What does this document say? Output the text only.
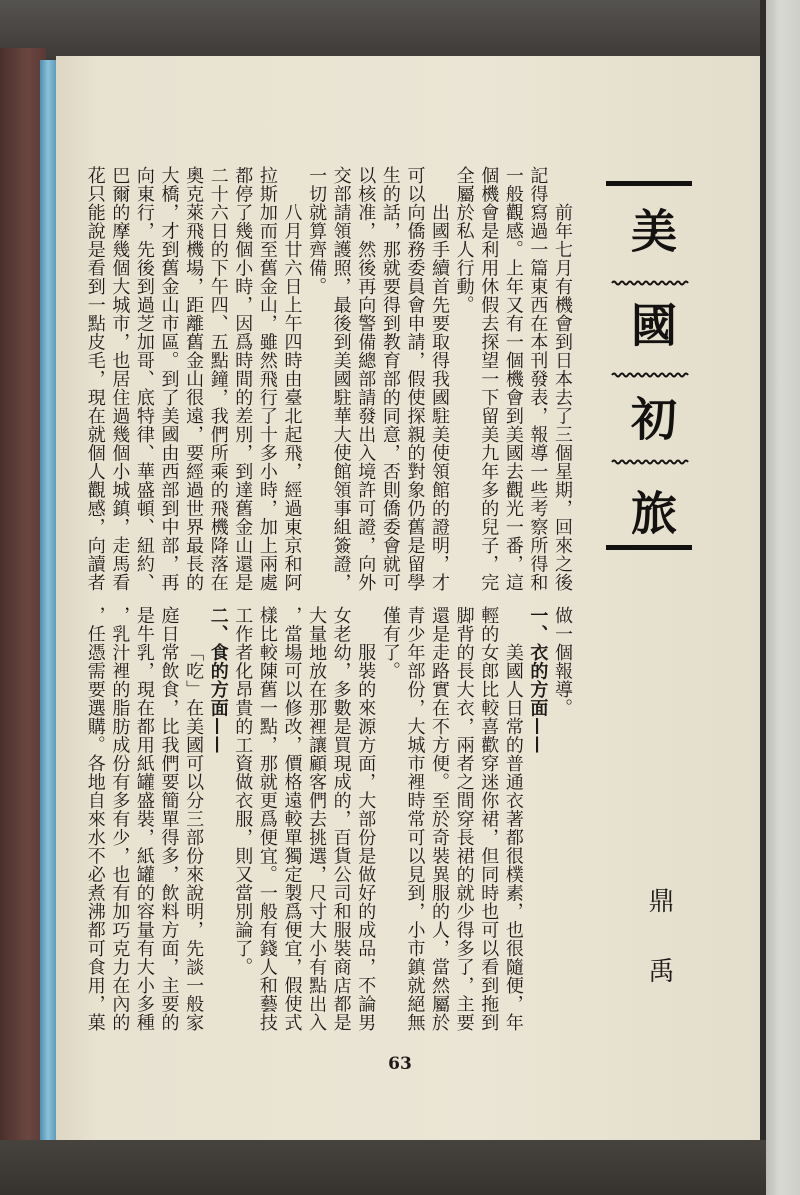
美國初旅
前年七月有機會到日本去了三個星期，回來之後
記得寫過一篇東西在本刊發表，報導一些考察所得和
一般觀感。上年又有一個機會到美國去觀光一番，這
個機會是利用休假去探望一下留美九年多的兒子，完
全屬於私人行動。
出國手續首先要取得我國駐美使領館的證明，才
可以向僑務委員會申請，假使探親的對象仍舊是留學
生的話，那就要得到教育部的同意，否則僑委會就可
以核准，然後再向警備總部請發出入境許可證，向外
交部請領護照，最後到美國駐華大使館領事組簽證，
一切就算齊備。
八月廿六日上午四時由臺北起飛，經過東京和阿
拉斯加而至舊金山，雖然飛行了十多小時，加上兩處
都停了幾個小時，因爲時間的差別，到達舊金山還是
二十六日的下午四、五點鐘，我們所乘的飛機降落在
奧克萊飛機場，距離舊金山很遠，要經過世界最長的
大橋，才到舊金山市區。到了美國由西部到中部，再
向東行，先後到過芝加哥、底特律、華盛頓、紐約、
巴爾的摩幾個大城市，也居住過幾個小城鎮，走馬看
花只能說是看到一點皮毛，現在就個人觀感，向讀者
做一個報導。
一、衣的方面——
美國人日常的普通衣著都很樸素，也很隨便，年
輕的女郎比較喜歡穿迷你裙，但同時也可以看到拖到
脚背的長大衣，兩者之間穿長裙的就少得多了，主要
還是走路實在不方便。至於奇裝異服的人，當然屬於
青少年部份，大城市裡時常可以見到，小市鎮就絕無
僅有了。
服裝的來源方面，大部份是做好的成品，不論男
女老幼，多數是買現成的，百貨公司和服裝商店都是
大量地放在那裡讓顧客們去挑選，尺寸大小有點出入
，當場可以修改，價格遠較單獨定製爲便宜，假使式
樣比較陳舊一點，那就更爲便宜。一般有錢人和藝技
工作者化昂貴的工資做衣服，則又當別論了。
二、食的方面——
「吃」在美國可以分三部份來說明，先談一般家
庭日常飲食，比我們要簡單得多，飲料方面，主要的
是牛乳，現在都用紙罐盛裝，紙罐的容量有大小多種
，乳汁裡的脂肪成份有多有少，也有加巧克力在內的
，任憑需要選購。各地自來水不必煮沸都可食用，菓	鼎禹
63
